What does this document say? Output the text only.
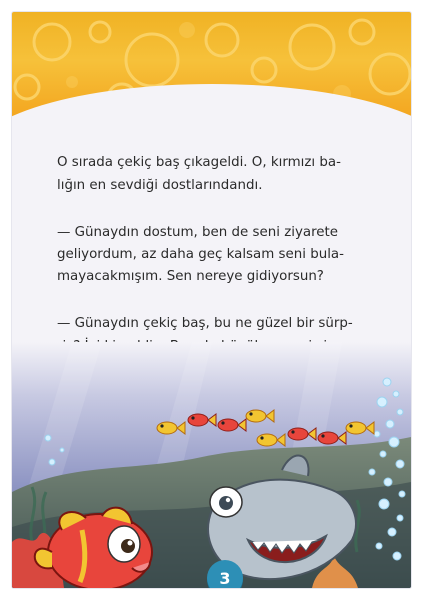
O sırada çekiç baş çıkageldi. O, kırmızı ba-
lığın en sevdiği dostlarındandı.

— Günaydın dostum, ben de seni ziyarete
geliyordum, az daha geç kalsam seni bula-
mayacakmışım. Sen nereye gidiyorsun?

— Günaydın çekiç baş, bu ne güzel bir sürp-

3
